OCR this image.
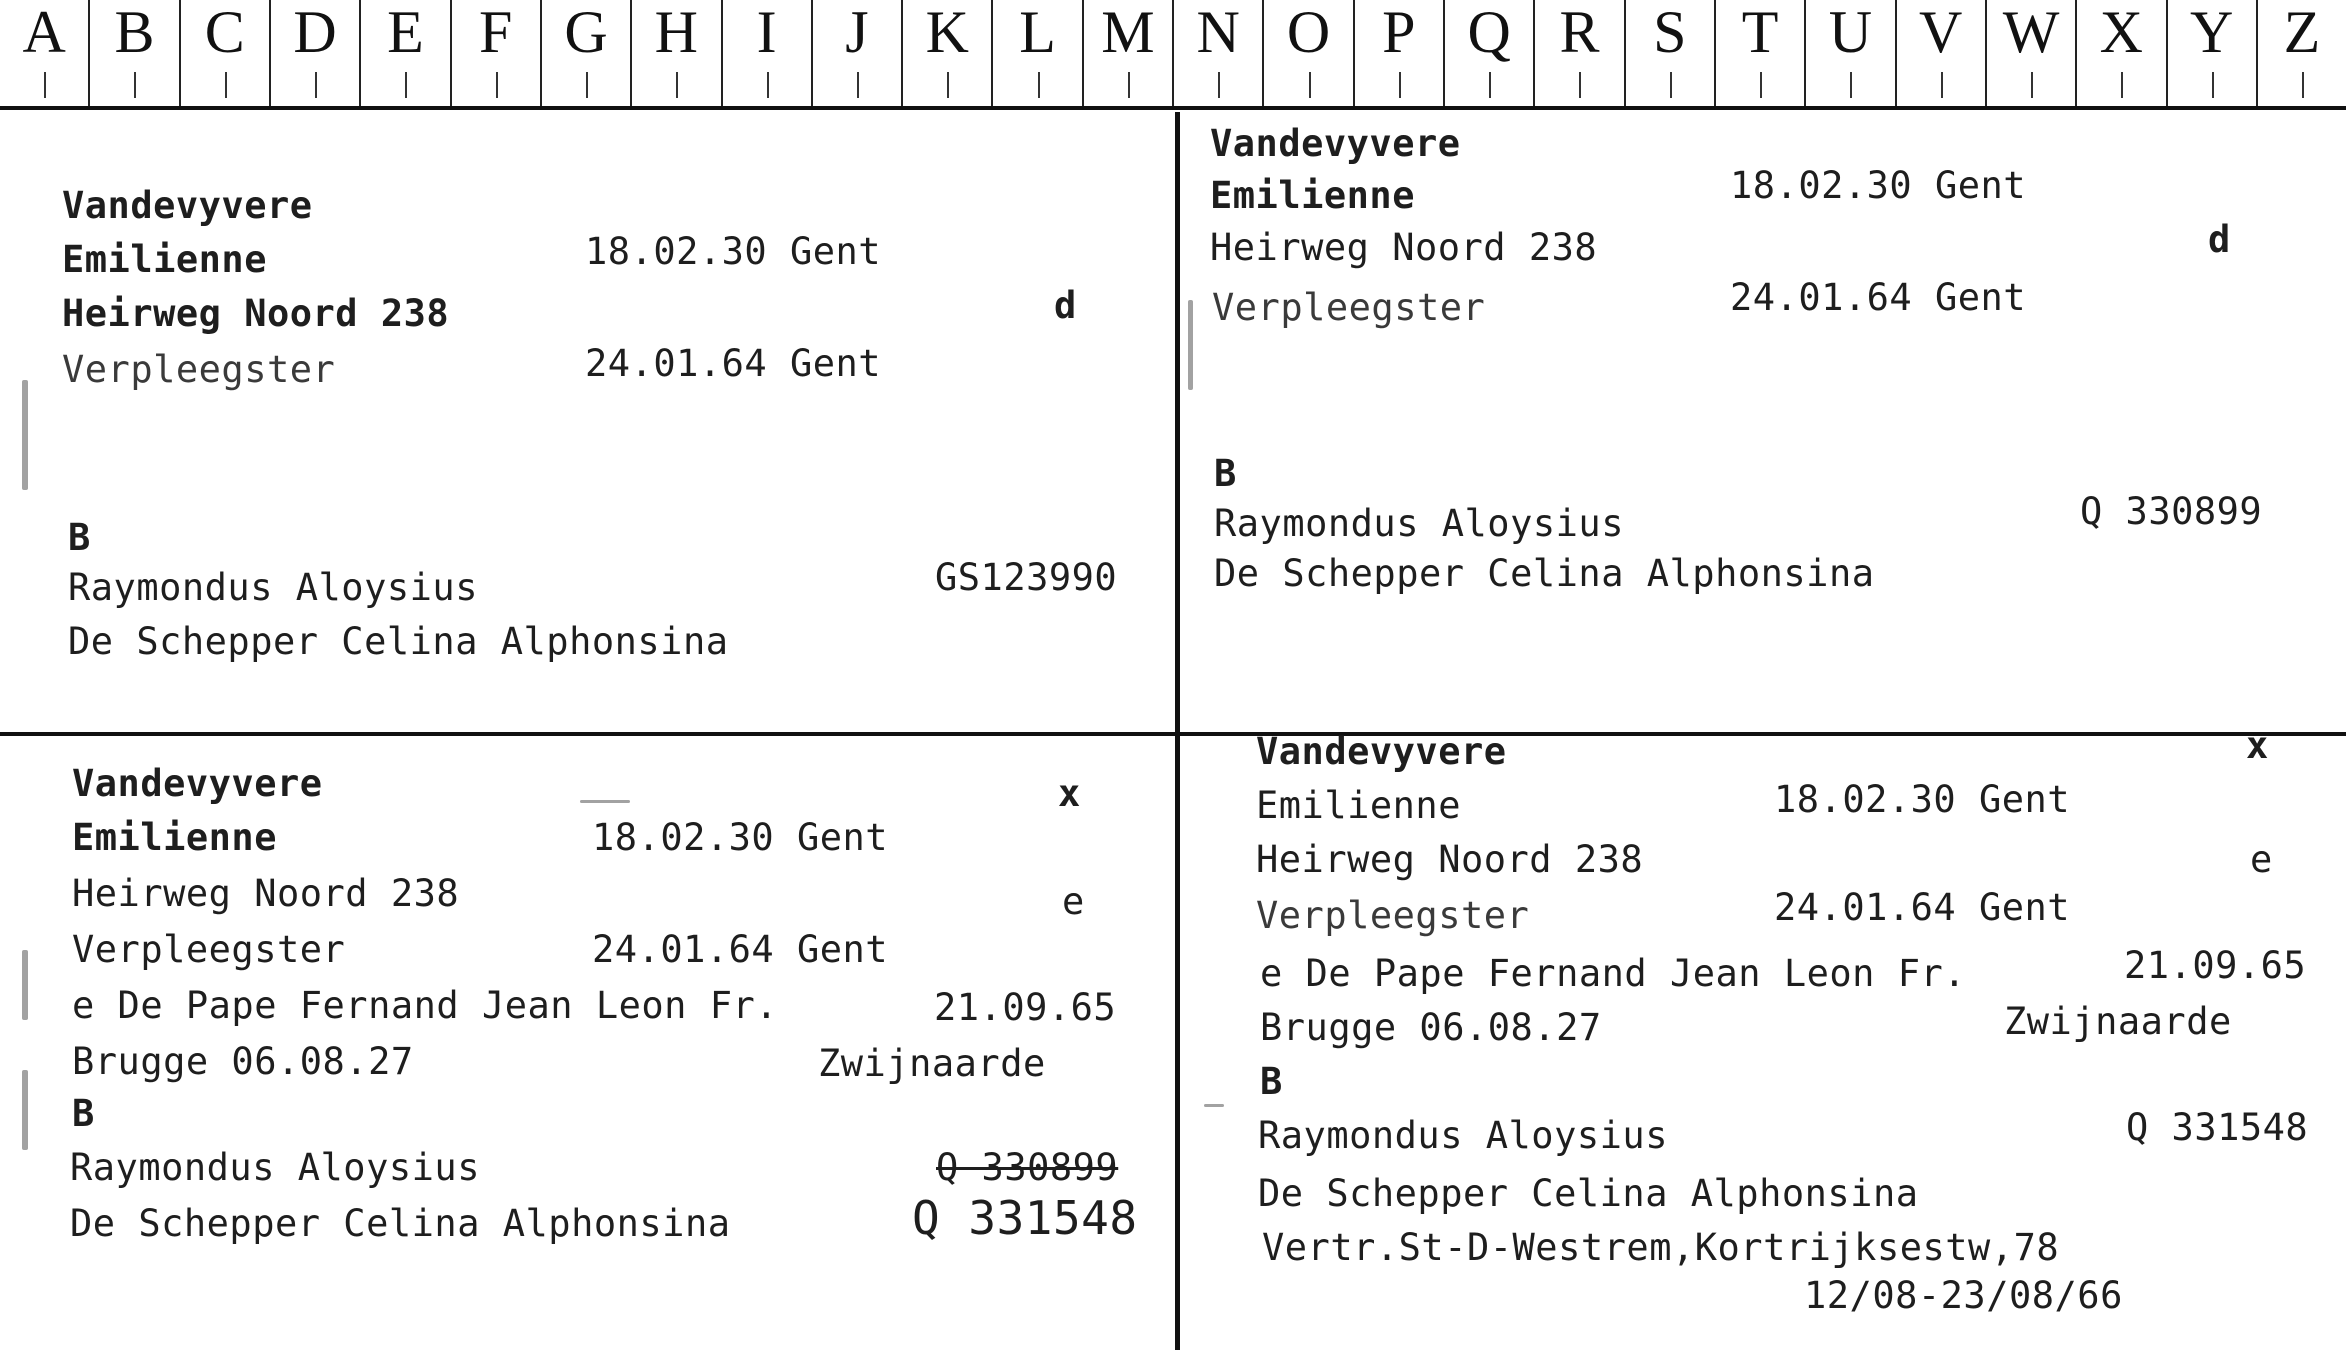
A B C D E F G H I	J K L M N O P Q R S T U V W X Y Z
Vandevyvere
Emilienne	18.02.30 Gent
Heirweg Noord 238	d
Verpleegster	24.01.64 Gent
B
Raymondus Aloysius	GS123990
De Schepper Celina Alphonsina
Vandevyvere
Emilienne	18.02.30 Gent
Heirweg Noord 238	d
Verpleegster	24.01.64 Gent
B
Raymondus Aloysius	Q 330899
De Schepper Celina Alphonsina
Vandevyvere	x
Emilienne	18.02.30 Gent
Heirweg Noord 238	e
Verpleegster	24.01.64 Gent
e De Pape Fernand Jean Leon Fr.	21.09.65
Brugge 06.08.27	Zwijnaarde
B
Raymondus Aloysius	Q 330899
De Schepper Celina Alphonsina	Q 331548
Vandevyvere	x
Emilienne	18.02.30 Gent
Heirweg Noord 238	e
Verpleegster	24.01.64 Gent
e De Pape Fernand Jean Leon Fr.	21.09.65
Brugge 06.08.27	Zwijnaarde
B
Raymondus Aloysius	Q 331548
De Schepper Celina Alphonsina
Vertr.St-D-Westrem,Kortrijksestw,78
12/08-23/08/66
